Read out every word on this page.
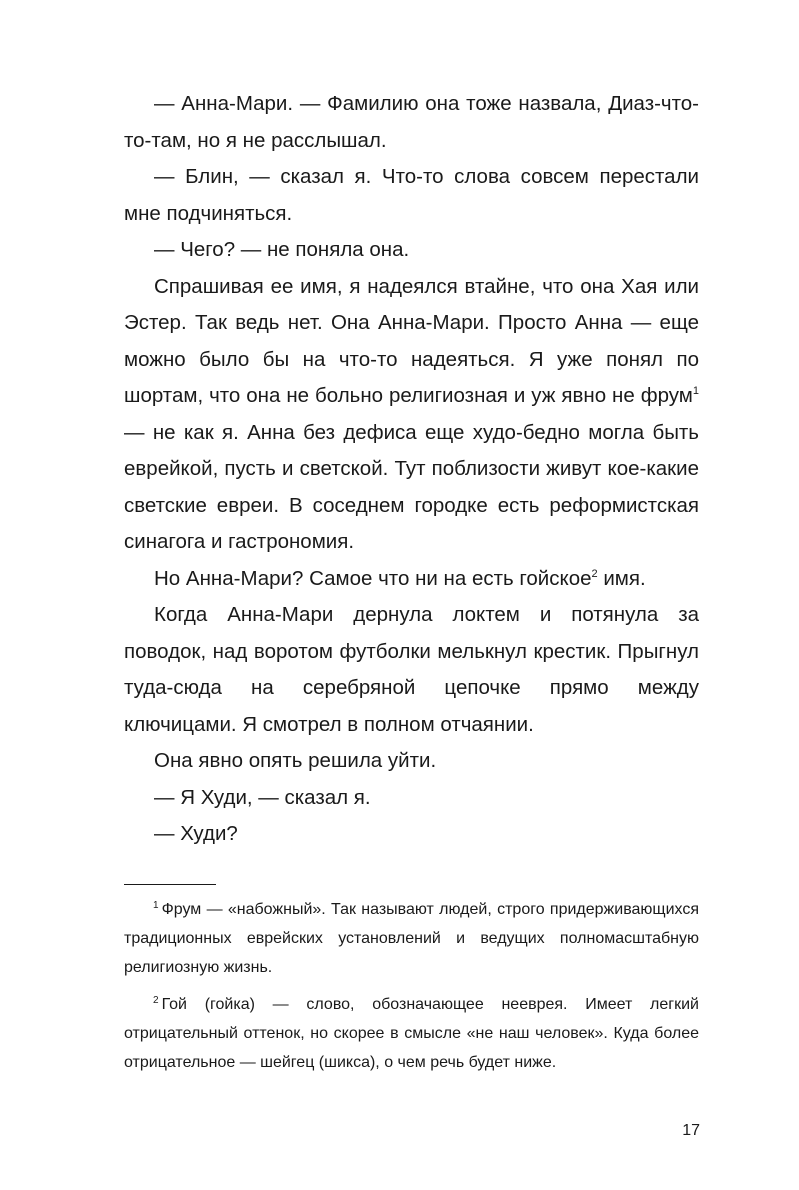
— Анна-Мари. — Фамилию она тоже назвала, Диаз-что-то-там, но я не расслышал.

— Блин, — сказал я. Что-то слова совсем перестали мне подчиняться.

— Чего? — не поняла она.

Спрашивая ее имя, я надеялся втайне, что она Хая или Эстер. Так ведь нет. Она Анна-Мари. Просто Анна — еще можно было бы на что-то надеяться. Я уже понял по шортам, что она не больно религиозная и уж явно не фрум$^1$ — не как я. Анна без дефиса еще худо-бедно могла быть еврейкой, пусть и светской. Тут поблизости живут кое-какие светские евреи. В соседнем городке есть реформистская синагога и гастрономия.

Но Анна-Мари? Самое что ни на есть гойское$^2$ имя.

Когда Анна-Мари дернула локтем и потянула за поводок, над воротом футболки мелькнул крестик. Прыгнул туда-сюда на серебряной цепочке прямо между ключицами. Я смотрел в полном отчаянии.

Она явно опять решила уйти.

— Я Худи, — сказал я.

— Худи?

$^1$ Фрум — «набожный». Так называют людей, строго придерживающихся традиционных еврейских установлений и ведущих полномасштабную религиозную жизнь.

$^2$ Гой (гойка) — слово, обозначающее нееврея. Имеет легкий отрицательный оттенок, но скорее в смысле «не наш человек». Куда более отрицательное — шейгец (шикса), о чем речь будет ниже.

17
